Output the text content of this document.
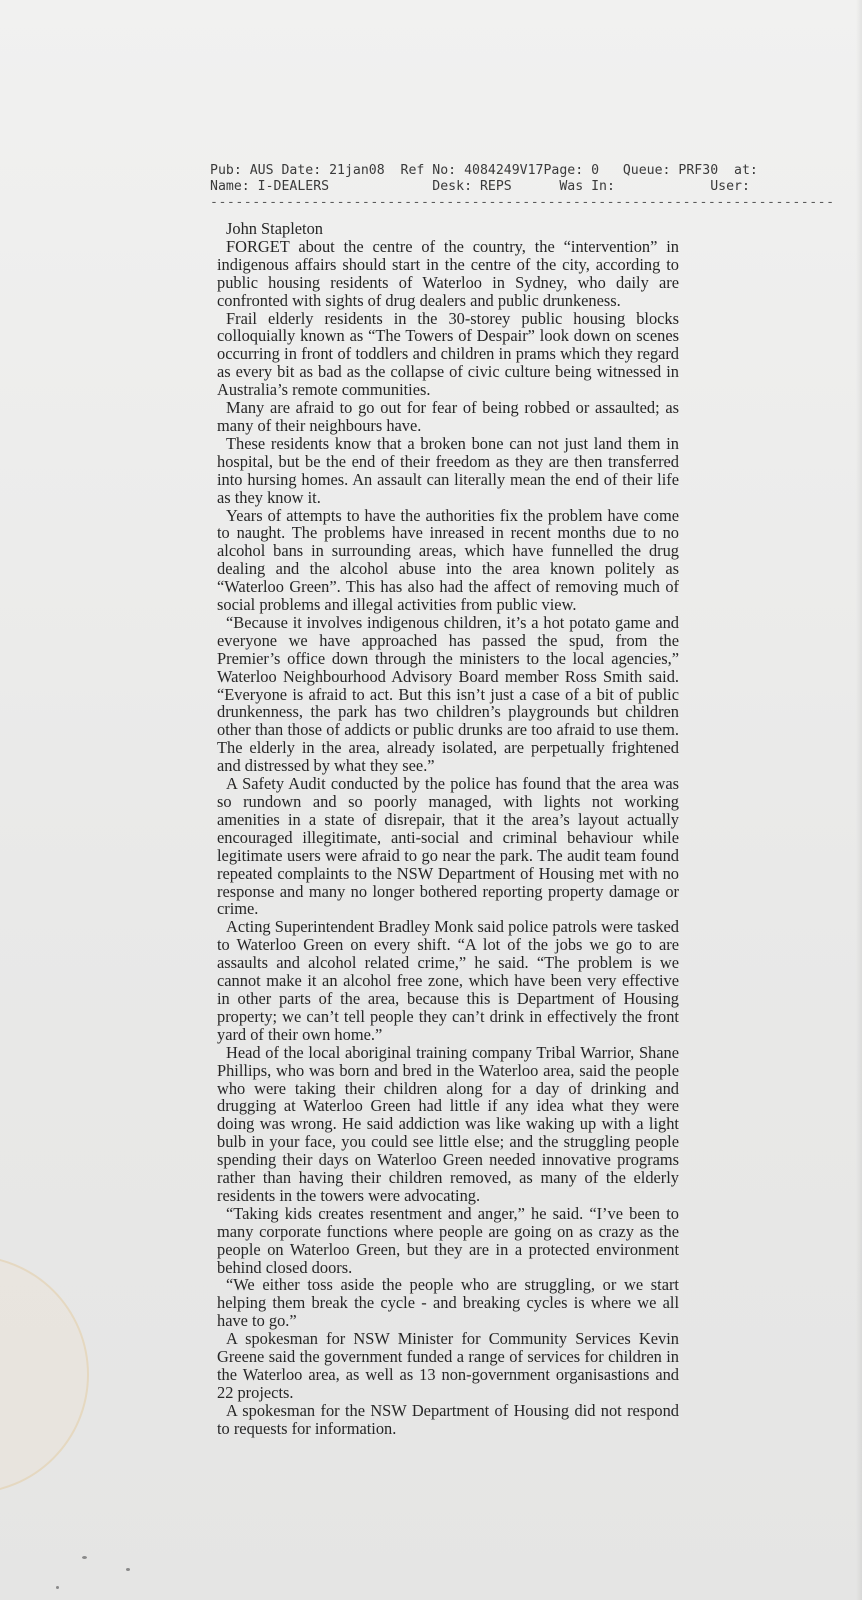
Pub: AUS Date: 21jan08  Ref No: 4084249V17Page: 0   Queue: PRF30  at:
Name: I-DEALERS             Desk: REPS      Was In:            User:
--------------------------------------------------------------------------

John Stapleton

FORGET about the centre of the country, the “intervention” in indigenous affairs should start in the centre of the city, according to public housing residents of Waterloo in Sydney, who daily are confronted with sights of drug dealers and public drunkeness.

Frail elderly residents in the 30-storey public housing blocks colloquially known as “The Towers of Despair” look down on scenes occurring in front of toddlers and children in prams which they regard as every bit as bad as the collapse of civic culture being witnessed in Australia’s remote communities.

Many are afraid to go out for fear of being robbed or assaulted; as many of their neighbours have.

These residents know that a broken bone can not just land them in hospital, but be the end of their freedom as they are then transferred into hursing homes. An assault can literally mean the end of their life as they know it.

Years of attempts to have the authorities fix the problem have come to naught. The problems have inreased in recent months due to no alcohol bans in surrounding areas, which have funnelled the drug dealing and the alcohol abuse into the area known politely as “Waterloo Green”. This has also had the affect of removing much of social problems and illegal activities from public view.

“Because it involves indigenous children, it’s a hot potato game and everyone we have approached has passed the spud, from the Premier’s office down through the ministers to the local agencies,” Waterloo Neighbourhood Advisory Board member Ross Smith said. “Everyone is afraid to act. But this isn’t just a case of a bit of public drunkenness, the park has two children’s playgrounds but children other than those of addicts or public drunks are too afraid to use them. The elderly in the area, already isolated, are perpetually frightened and distressed by what they see.”

A Safety Audit conducted by the police has found that the area was so rundown and so poorly managed, with lights not working amenities in a state of disrepair, that it the area’s layout actually encouraged illegitimate, anti-social and criminal behaviour while legitimate users were afraid to go near the park. The audit team found repeated complaints to the NSW Department of Housing met with no response and many no longer bothered reporting property damage or crime.

Acting Superintendent Bradley Monk said police patrols were tasked to Waterloo Green on every shift. “A lot of the jobs we go to are assaults and alcohol related crime,” he said. “The problem is we cannot make it an alcohol free zone, which have been very effective in other parts of the area, because this is Department of Housing property; we can’t tell people they can’t drink in effectively the front yard of their own home.”

Head of the local aboriginal training company Tribal Warrior, Shane Phillips, who was born and bred in the Waterloo area, said the people who were taking their children along for a day of drinking and drugging at Waterloo Green had little if any idea what they were doing was wrong. He said addiction was like waking up with a light bulb in your face, you could see little else; and the struggling people spending their days on Waterloo Green needed innovative programs rather than having their children removed, as many of the elderly residents in the towers were advocating.

“Taking kids creates resentment and anger,” he said. “I’ve been to many corporate functions where people are going on as crazy as the people on Waterloo Green, but they are in a protected environment behind closed doors.

“We either toss aside the people who are struggling, or we start helping them break the cycle - and breaking cycles is where we all have to go.”

A spokesman for NSW Minister for Community Services Kevin Greene said the government funded a range of services for children in the Waterloo area, as well as 13 non-government organisastions and 22 projects.

A spokesman for the NSW Department of Housing did not respond to requests for information.
